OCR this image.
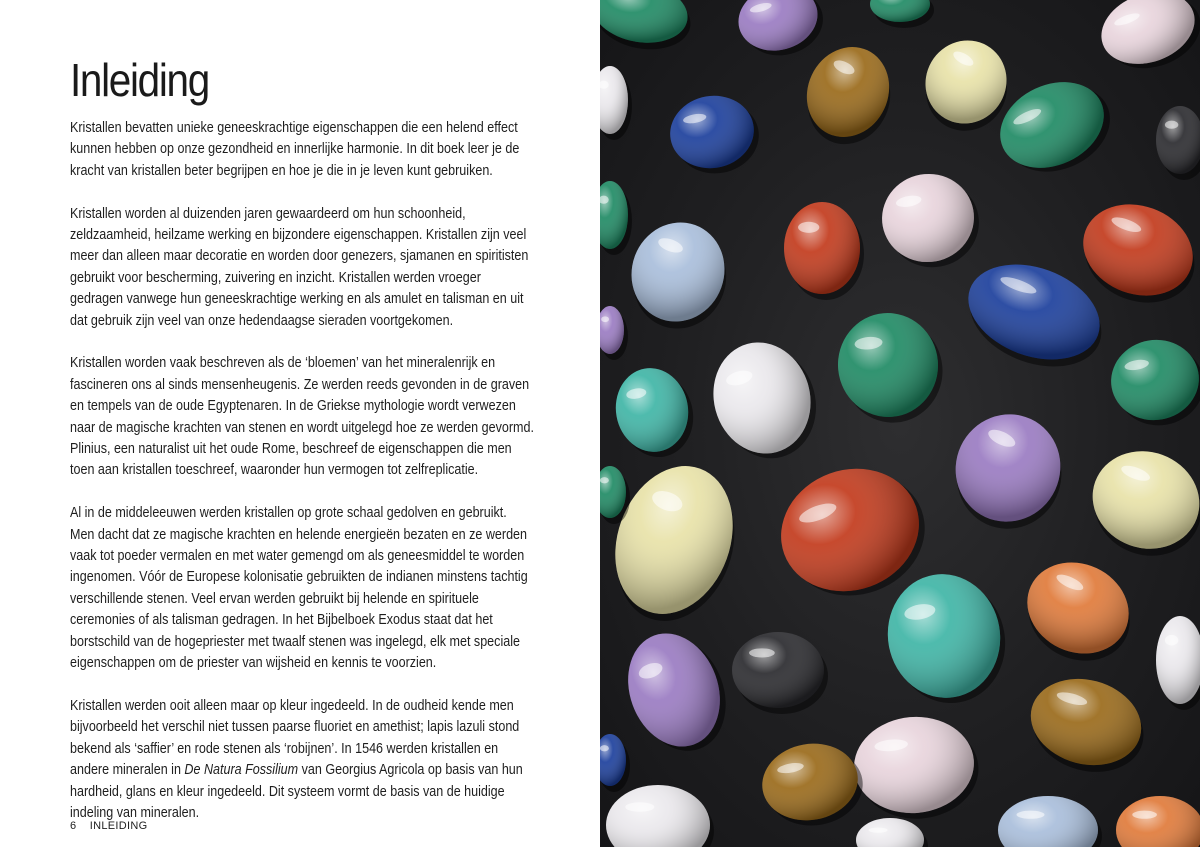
Inleiding

Kristallen bevatten unieke geneeskrachtige eigenschappen die een helend effect kunnen hebben op onze gezondheid en innerlijke harmonie. In dit boek leer je de kracht van kristallen beter begrijpen en hoe je die in je leven kunt gebruiken.

Kristallen worden al duizenden jaren gewaardeerd om hun schoonheid, zeldzaamheid, heilzame werking en bijzondere eigenschappen. Kristallen zijn veel meer dan alleen maar decoratie en worden door genezers, sjamanen en spiritisten gebruikt voor bescherming, zuivering en inzicht. Kristallen werden vroeger gedragen vanwege hun geneeskrachtige werking en als amulet en talisman en uit dat gebruik zijn veel van onze hedendaagse sieraden voortgekomen.

Kristallen worden vaak beschreven als de ‘bloemen’ van het mineralenrijk en fascineren ons al sinds mensenheugenis. Ze werden reeds gevonden in de graven en tempels van de oude Egyptenaren. In de Griekse mythologie wordt verwezen naar de magische krachten van stenen en wordt uitgelegd hoe ze werden gevormd. Plinius, een naturalist uit het oude Rome, beschreef de eigenschappen die men toen aan kristallen toeschreef, waaronder hun vermogen tot zelfreplicatie.

Al in de middeleeuwen werden kristallen op grote schaal gedolven en gebruikt. Men dacht dat ze magische krachten en helende energieën bezaten en ze werden vaak tot poeder vermalen en met water gemengd om als geneesmiddel te worden ingenomen. Vóór de Europese kolonisatie gebruikten de indianen minstens tachtig verschillende stenen. Veel ervan werden gebruikt bij helende en spirituele ceremonies of als talisman gedragen. In het Bijbelboek Exodus staat dat het borstschild van de hogepriester met twaalf stenen was ingelegd, elk met speciale eigenschappen om de priester van wijsheid en kennis te voorzien.

Kristallen werden ooit alleen maar op kleur ingedeeld. In de oudheid kende men bijvoorbeeld het verschil niet tussen paarse fluoriet en amethist; lapis lazuli stond bekend als ‘saffier’ en rode stenen als ‘robijnen’. In 1546 werden kristallen en andere mineralen in De Natura Fossilium van Georgius Agricola op basis van hun hardheid, glans en kleur ingedeeld. Dit systeem vormt de basis van de huidige indeling van mineralen.

6 INLEIDING
